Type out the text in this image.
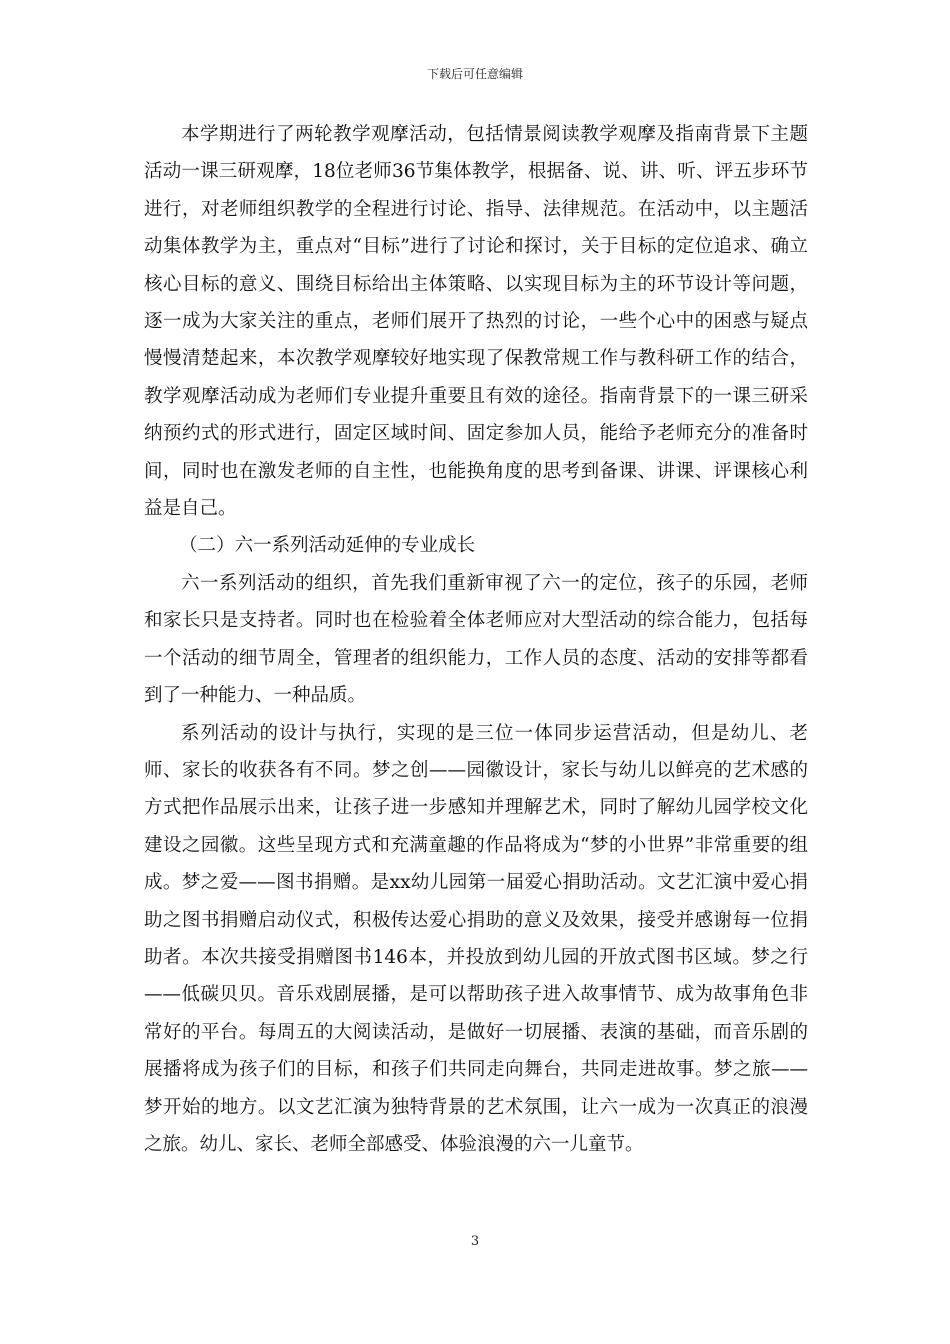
下载后可任意编辑

本学期进行了两轮教学观摩活动，包括情景阅读教学观摩及指南背景下主题活动一课三研观摩，18位老师36节集体教学，根据备、说、讲、听、评五步环节进行，对老师组织教学的全程进行讨论、指导、法律规范。在活动中，以主题活动集体教学为主，重点对“目标”进行了讨论和探讨，关于目标的定位追求、确立核心目标的意义、围绕目标给出主体策略、以实现目标为主的环节设计等问题，逐一成为大家关注的重点，老师们展开了热烈的讨论，一些个心中的困惑与疑点慢慢清楚起来，本次教学观摩较好地实现了保教常规工作与教科研工作的结合，教学观摩活动成为老师们专业提升重要且有效的途径。指南背景下的一课三研采纳预约式的形式进行，固定区域时间、固定参加人员，能给予老师充分的准备时间，同时也在激发老师的自主性，也能换角度的思考到备课、讲课、评课核心利益是自己。

（二）六一系列活动延伸的专业成长

六一系列活动的组织，首先我们重新审视了六一的定位，孩子的乐园，老师和家长只是支持者。同时也在检验着全体老师应对大型活动的综合能力，包括每一个活动的细节周全，管理者的组织能力，工作人员的态度、活动的安排等都看到了一种能力、一种品质。

系列活动的设计与执行，实现的是三位一体同步运营活动，但是幼儿、老师、家长的收获各有不同。梦之创——园徽设计，家长与幼儿以鲜亮的艺术感的方式把作品展示出来，让孩子进一步感知并理解艺术，同时了解幼儿园学校文化建设之园徽。这些呈现方式和充满童趣的作品将成为“梦的小世界”非常重要的组成。梦之爱——图书捐赠。是xx幼儿园第一届爱心捐助活动。文艺汇演中爱心捐助之图书捐赠启动仪式，积极传达爱心捐助的意义及效果，接受并感谢每一位捐助者。本次共接受捐赠图书146本，并投放到幼儿园的开放式图书区域。梦之行——低碳贝贝。音乐戏剧展播，是可以帮助孩子进入故事情节、成为故事角色非常好的平台。每周五的大阅读活动，是做好一切展播、表演的基础，而音乐剧的展播将成为孩子们的目标，和孩子们共同走向舞台，共同走进故事。梦之旅——梦开始的地方。以文艺汇演为独特背景的艺术氛围，让六一成为一次真正的浪漫之旅。幼儿、家长、老师全部感受、体验浪漫的六一儿童节。

3
